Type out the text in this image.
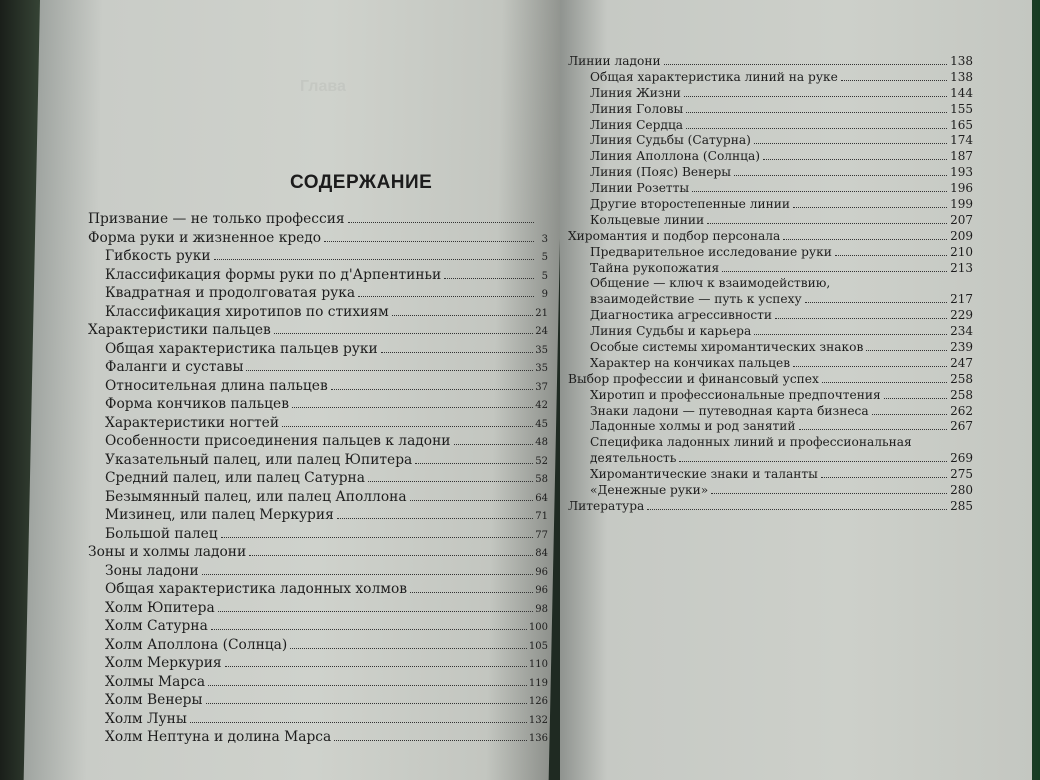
Глава
СОДЕРЖАНИЕ
Призвание — не только профессия
Форма руки и жизненное кредо	3
Гибкость руки	5
Классификация формы руки по д'Арпентиньи	5
Квадратная и продолговатая рука	9
Классификация хиротипов по стихиям	21
Характеристики пальцев	24
Общая характеристика пальцев руки	35
Фаланги и суставы	35
Относительная длина пальцев	37
Форма кончиков пальцев	42
Характеристики ногтей	45
Особенности присоединения пальцев к ладони	48
Указательный палец, или палец Юпитера	52
Средний палец, или палец Сатурна	58
Безымянный палец, или палец Аполлона	64
Мизинец, или палец Меркурия	71
Большой палец	77
Зоны и холмы ладони	84
Зоны ладони	96
Общая характеристика ладонных холмов	96
Холм Юпитера	98
Холм Сатурна	100
Холм Аполлона (Солнца)	105
Холм Меркурия	110
Холмы Марса	119
Холм Венеры	126
Холм Луны	132
Холм Нептуна и долина Марса	136
Линии ладони	138
Общая характеристика линий на руке	138
Линия Жизни	144
Линия Головы	155
Линия Сердца	165
Линия Судьбы (Сатурна)	174
Линия Аполлона (Солнца)	187
Линия (Пояс) Венеры	193
Линии Розетты	196
Другие второстепенные линии	199
Кольцевые линии	207
Хиромантия и подбор персонала	209
Предварительное исследование руки	210
Тайна рукопожатия	213
Общение — ключ к взаимодействию,
взаимодействие — путь к успеху	217
Диагностика агрессивности	229
Линия Судьбы и карьера	234
Особые системы хиромантических знаков	239
Характер на кончиках пальцев	247
Выбор профессии и финансовый успех	258
Хиротип и профессиональные предпочтения	258
Знаки ладони — путеводная карта бизнеса	262
Ладонные холмы и род занятий	267
Специфика ладонных линий и профессиональная
деятельность	269
Хиромантические знаки и таланты	275
«Денежные руки»	280
Литература	285
